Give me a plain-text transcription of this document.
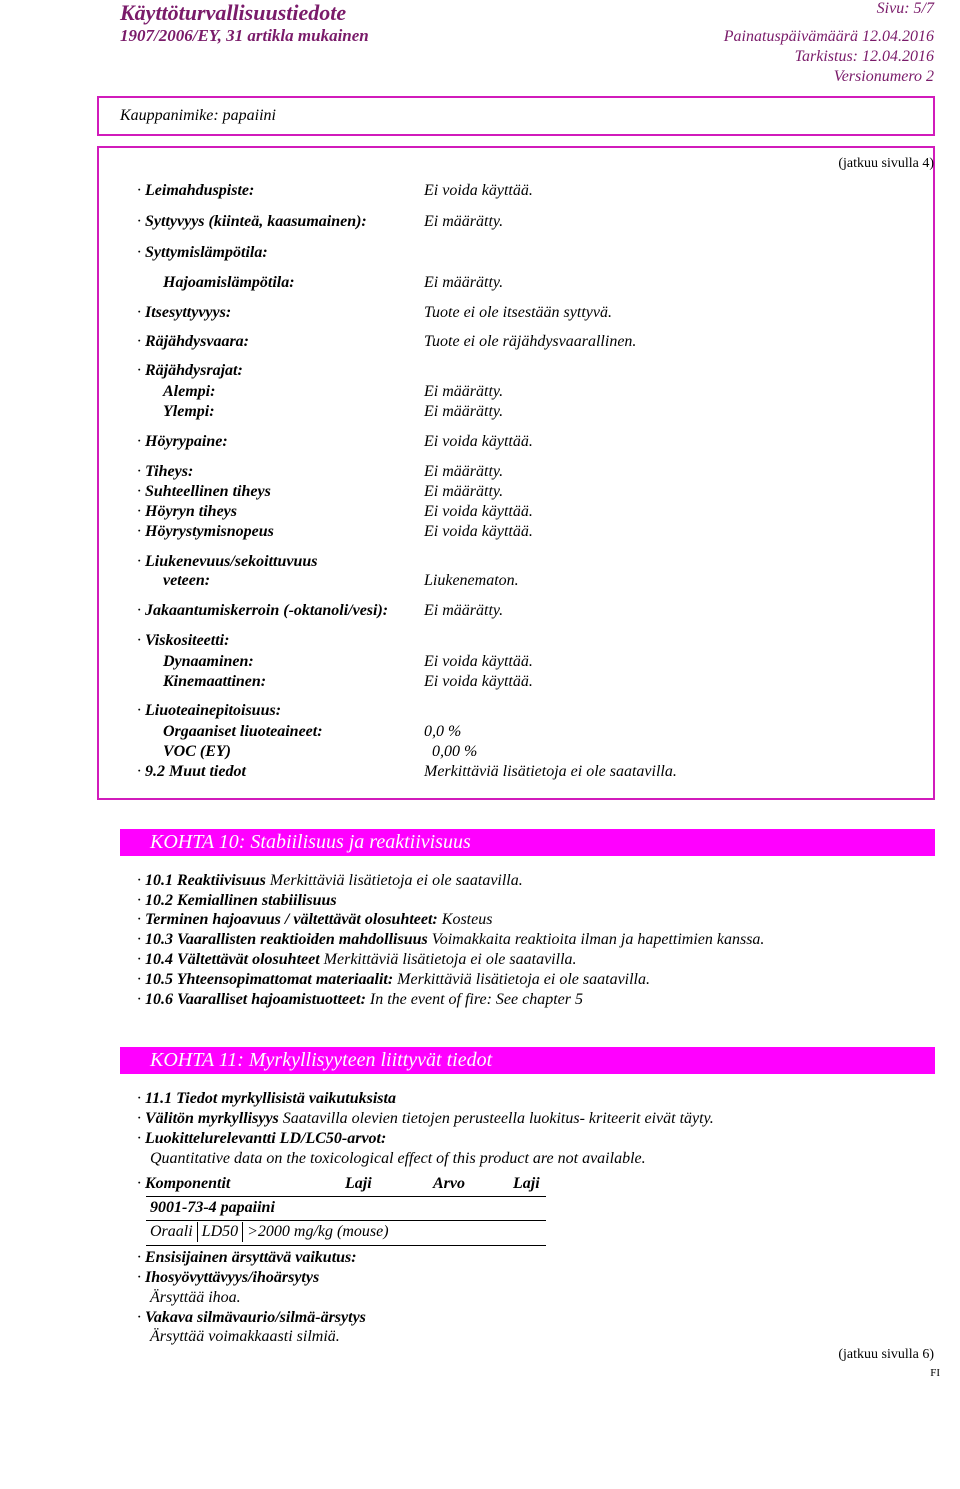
Käyttöturvallisuustiedote
1907/2006/EY, 31 artikla mukainen
Sivu: 5/7
Painatuspäivämäärä 12.04.2016
Tarkistus: 12.04.2016
Versionumero 2
Kauppanimike: papaiini
(jatkuu sivulla 4)
· Leimahduspiste:	Ei voida käyttää.
· Syttyvyys (kiinteä, kaasumainen):	Ei määrätty.
· Syttymislämpötila:
Hajoamislämpötila:	Ei määrätty.
· Itsesyttyvyys:	Tuote ei ole itsestään syttyvä.
· Räjähdysvaara:	Tuote ei ole räjähdysvaarallinen.
· Räjähdysrajat:
Alempi:	Ei määrätty.
Ylempi:	Ei määrätty.
· Höyrypaine:	Ei voida käyttää.
· Tiheys:	Ei määrätty.
· Suhteellinen tiheys	Ei määrätty.
· Höyryn tiheys	Ei voida käyttää.
· Höyrystymisnopeus	Ei voida käyttää.
· Liukenevuus/sekoittuvuus
veteen:	Liukenematon.
· Jakaantumiskerroin (-oktanoli/vesi): Ei määrätty.
· Viskositeetti:
Dynaaminen:	Ei voida käyttää.
Kinemaattinen:	Ei voida käyttää.
· Liuoteainepitoisuus:
Orgaaniset liuoteaineet:	0,0 %
VOC (EY)	0,00 %
· 9.2 Muut tiedot	Merkittäviä lisätietoja ei ole saatavilla.
KOHTA 10: Stabiilisuus ja reaktiivisuus
· 10.1 Reaktiivisuus Merkittäviä lisätietoja ei ole saatavilla.
· 10.2 Kemiallinen stabiilisuus
· Terminen hajoavuus / vältettävät olosuhteet: Kosteus
· 10.3 Vaarallisten reaktioiden mahdollisuus Voimakkaita reaktioita ilman ja hapettimien kanssa.
· 10.4 Vältettävät olosuhteet Merkittäviä lisätietoja ei ole saatavilla.
· 10.5 Yhteensopimattomat materiaalit: Merkittäviä lisätietoja ei ole saatavilla.
· 10.6 Vaaralliset hajoamistuotteet: In the event of fire: See chapter 5
KOHTA 11: Myrkyllisyyteen liittyvät tiedot
· 11.1 Tiedot myrkyllisistä vaikutuksista
· Välitön myrkyllisyys Saatavilla olevien tietojen perusteella luokitus- kriteerit eivät täyty.
· Luokittelurelevantti LD/LC50-arvot:
Quantitative data on the toxicological effect of this product are not available.
· Komponentit	Laji	Arvo	Laji
9001-73-4 papaiini
Oraali	LD50	>2000 mg/kg (mouse)
· Ensisijainen ärsyttävä vaikutus:
· Ihosyövyttävyys/ihoärsytys
Ärsyttää ihoa.
· Vakava silmävaurio/silmä-ärsytys
Ärsyttää voimakkaasti silmiä.
(jatkuu sivulla 6)
FI
